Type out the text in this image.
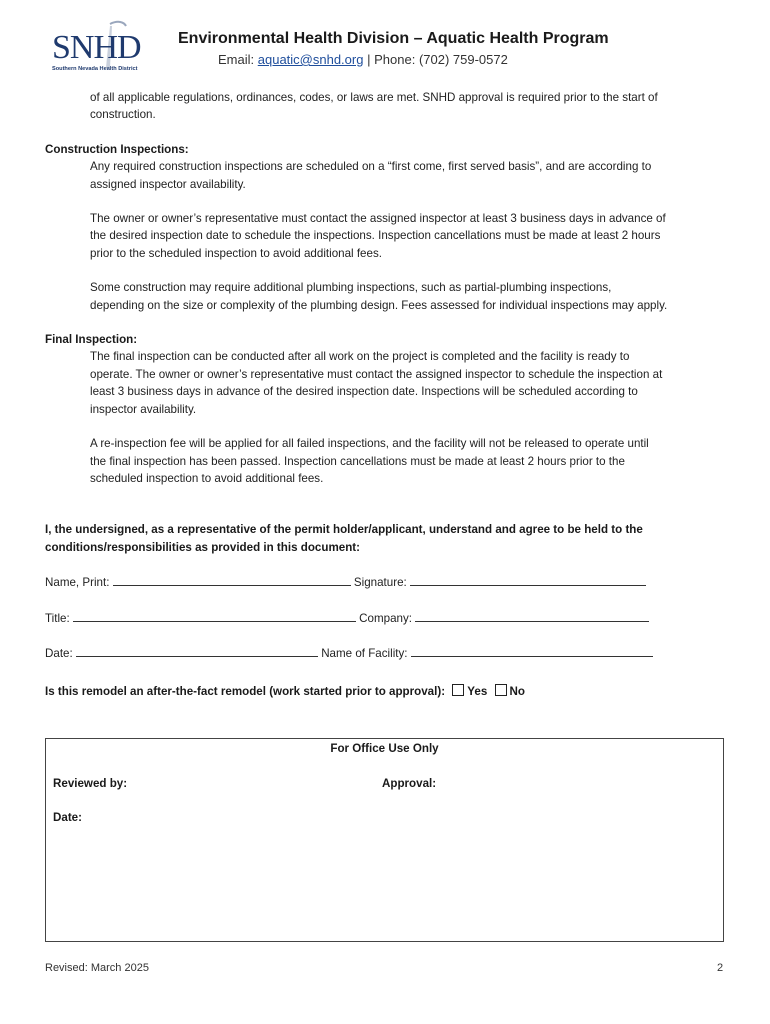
SNHD
Southern Nevada Health District
Environmental Health Division – Aquatic Health Program
Email: aquatic@snhd.org | Phone: (702) 759-0572

of all applicable regulations, ordinances, codes, or laws are met. SNHD approval is required prior to the start of

construction.

Construction Inspections:

Any required construction inspections are scheduled on a “first come, first served basis”, and are according to

assigned inspector availability.

The owner or owner’s representative must contact the assigned inspector at least 3 business days in advance of

the desired inspection date to schedule the inspections. Inspection cancellations must be made at least 2 hours

prior to the scheduled inspection to avoid additional fees.

Some construction may require additional plumbing inspections, such as partial-plumbing inspections,

depending on the size or complexity of the plumbing design. Fees assessed for individual inspections may apply.

Final Inspection:

The final inspection can be conducted after all work on the project is completed and the facility is ready to

operate. The owner or owner’s representative must contact the assigned inspector to schedule the inspection at

least 3 business days in advance of the desired inspection date. Inspections will be scheduled according to

inspector availability.

A re-inspection fee will be applied for all failed inspections, and the facility will not be released to operate until

the final inspection has been passed. Inspection cancellations must be made at least 2 hours prior to the

scheduled inspection to avoid additional fees.

I, the undersigned, as a representative of the permit holder/applicant, understand and agree to be held to the

conditions/responsibilities as provided in this document:

Name, Print:	Signature:

Title:	Company:

Date:	Name of Facility:

Is this remodel an after-the-fact remodel (work started prior to approval): Yes No

For Office Use Only
Reviewed by:	Approval:
Date:
Revised: March 2025	2
